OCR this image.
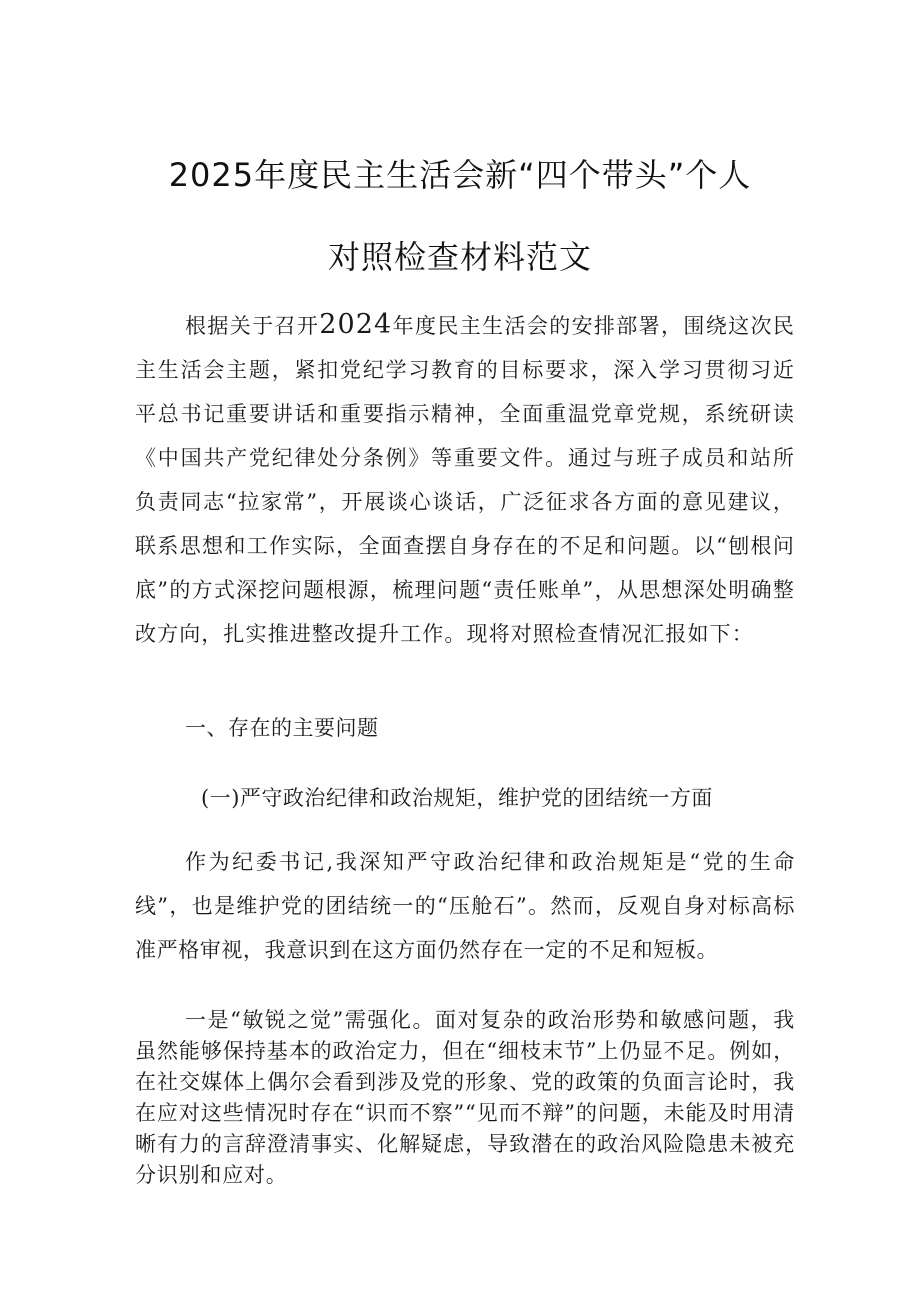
2025年度民主生活会新“四个带头”个人
对照检查材料范文
根据关于召开2024年度民主生活会的安排部署，围绕这次民主生活会主题，紧扣党纪学习教育的目标要求，深入学习贯彻习近平总书记重要讲话和重要指示精神，全面重温党章党规，系统研读《中国共产党纪律处分条例》等重要文件。通过与班子成员和站所负责同志“拉家常”，开展谈心谈话，广泛征求各方面的意见建议，联系思想和工作实际，全面查摆自身存在的不足和问题。以“刨根问底”的方式深挖问题根源，梳理问题“责任账单”，从思想深处明确整改方向，扎实推进整改提升工作。现将对照检查情况汇报如下：
一、存在的主要问题
(一)严守政治纪律和政治规矩，维护党的团结统一方面
作为纪委书记,我深知严守政治纪律和政治规矩是“党的生命线”，也是维护党的团结统一的“压舱石”。然而，反观自身对标高标准严格审视，我意识到在这方面仍然存在一定的不足和短板。
一是“敏锐之觉”需强化。面对复杂的政治形势和敏感问题，我虽然能够保持基本的政治定力，但在“细枝末节”上仍显不足。例如，在社交媒体上偶尔会看到涉及党的形象、党的政策的负面言论时，我在应对这些情况时存在“识而不察”“见而不辩”的问题，未能及时用清晰有力的言辞澄清事实、化解疑虑，导致潜在的政治风险隐患未被充分识别和应对。
